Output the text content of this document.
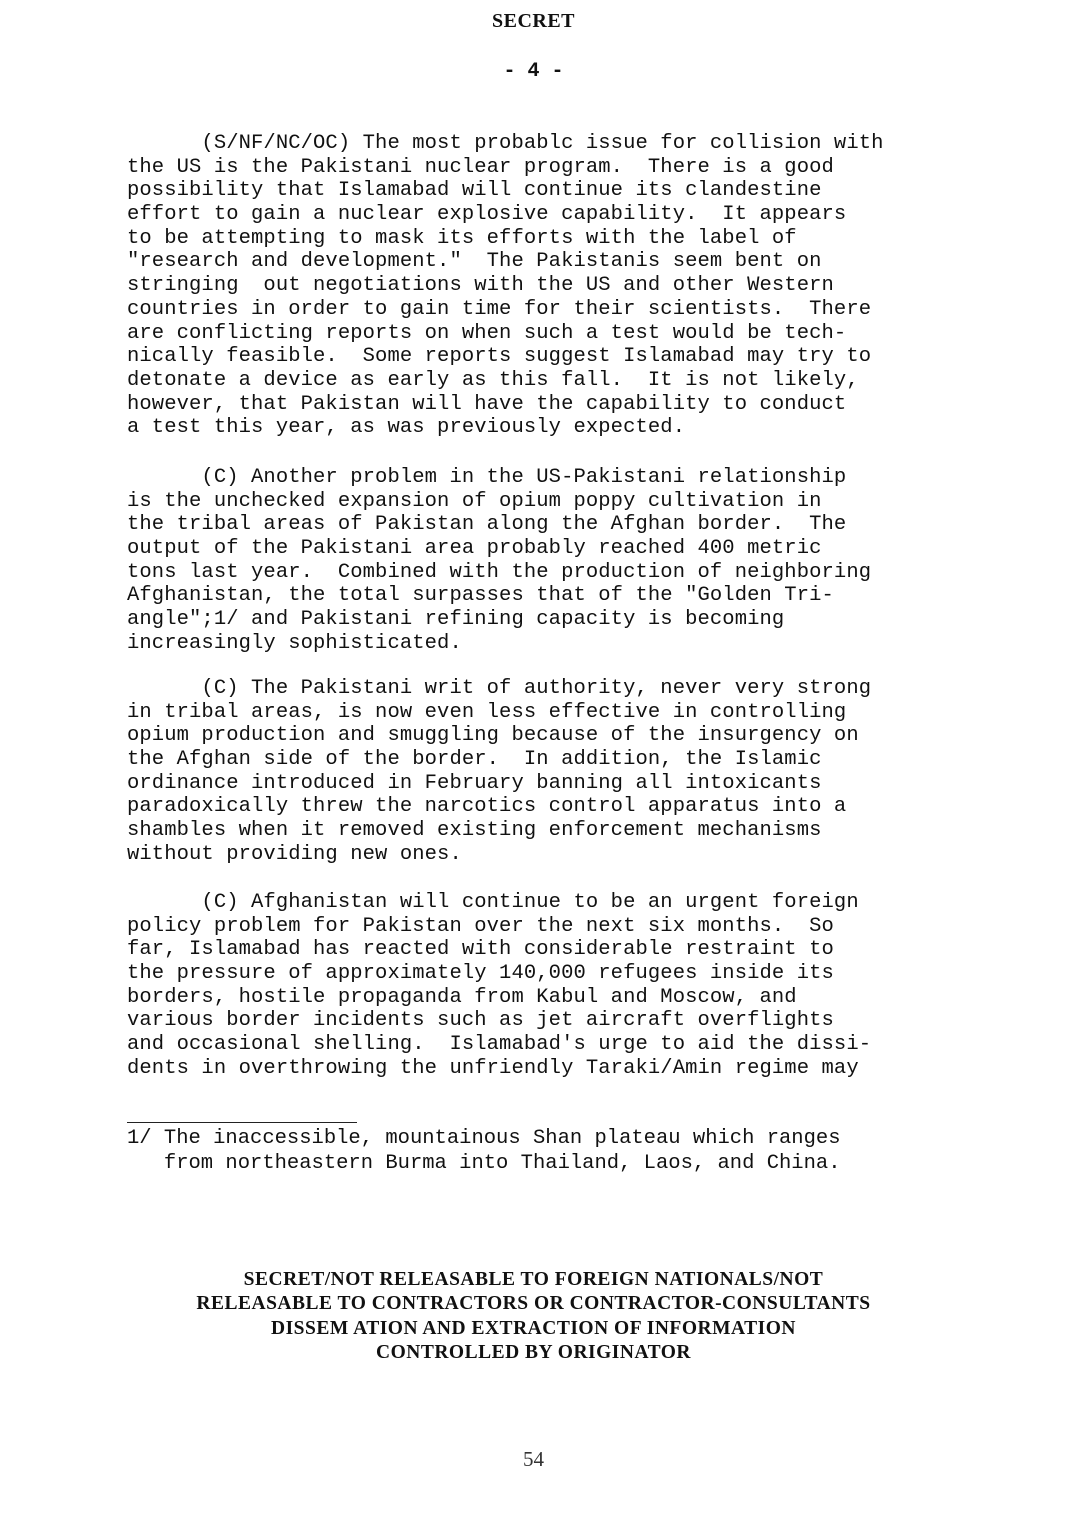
SECRET
- 4 -
(S/NF/NC/OC) The most probablc issue for collision with
the US is the Pakistani nuclear program.  There is a good
possibility that Islamabad will continue its clandestine
effort to gain a nuclear explosive capability.  It appears
to be attempting to mask its efforts with the label of
"research and development."  The Pakistanis seem bent on
stringing  out negotiations with the US and other Western
countries in order to gain time for their scientists.  There
are conflicting reports on when such a test would be tech-
nically feasible.  Some reports suggest Islamabad may try to
detonate a device as early as this fall.  It is not likely,
however, that Pakistan will have the capability to conduct
a test this year, as was previously expected.
(C) Another problem in the US-Pakistani relationship
is the unchecked expansion of opium poppy cultivation in
the tribal areas of Pakistan along the Afghan border.  The
output of the Pakistani area probably reached 400 metric
tons last year.  Combined with the production of neighboring
Afghanistan, the total surpasses that of the "Golden Tri-
angle";1/ and Pakistani refining capacity is becoming
increasingly sophisticated.
(C) The Pakistani writ of authority, never very strong
in tribal areas, is now even less effective in controlling
opium production and smuggling because of the insurgency on
the Afghan side of the border.  In addition, the Islamic
ordinance introduced in February banning all intoxicants
paradoxically threw the narcotics control apparatus into a
shambles when it removed existing enforcement mechanisms
without providing new ones.
(C) Afghanistan will continue to be an urgent foreign
policy problem for Pakistan over the next six months.  So
far, Islamabad has reacted with considerable restraint to
the pressure of approximately 140,000 refugees inside its
borders, hostile propaganda from Kabul and Moscow, and
various border incidents such as jet aircraft overflights
and occasional shelling.  Islamabad's urge to aid the dissi-
dents in overthrowing the unfriendly Taraki/Amin regime may
1/ The inaccessible, mountainous Shan plateau which ranges
from northeastern Burma into Thailand, Laos, and China.
SECRET/NOT RELEASABLE TO FOREIGN NATIONALS/NOT
RELEASABLE TO CONTRACTORS OR CONTRACTOR-CONSULTANTS
DISSEM ATION AND EXTRACTION OF INFORMATION
CONTROLLED BY ORIGINATOR
54
